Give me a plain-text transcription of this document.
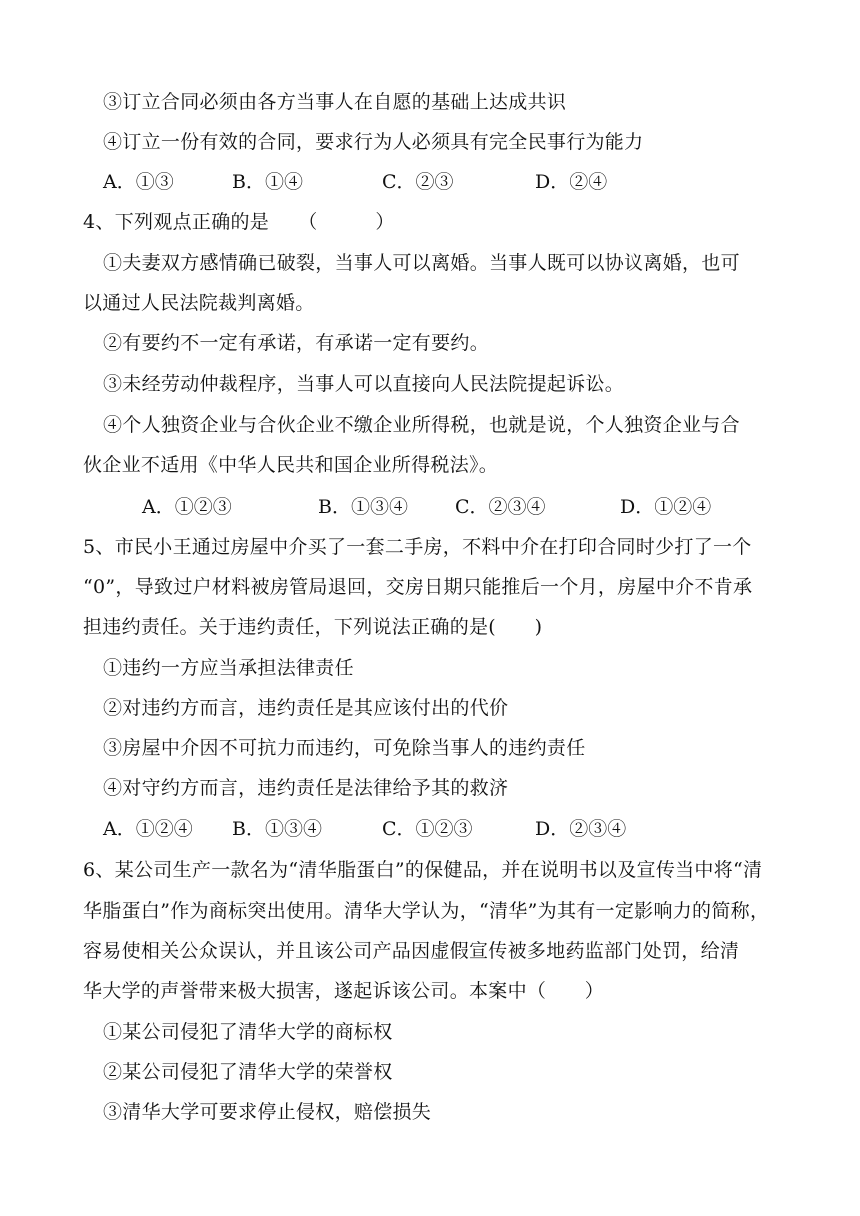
③订立合同必须由各方当事人在自愿的基础上达成共识
④订立一份有效的合同，要求行为人必须具有完全民事行为能力
A．①③	B．①④	C．②③	D．②④
4、下列观点正确的是　　（　　　）
①夫妻双方感情确已破裂，当事人可以离婚。当事人既可以协议离婚，也可
以通过人民法院裁判离婚。
②有要约不一定有承诺，有承诺一定有要约。
③未经劳动仲裁程序，当事人可以直接向人民法院提起诉讼。
④个人独资企业与合伙企业不缴企业所得税，也就是说，个人独资企业与合
伙企业不适用《中华人民共和国企业所得税法》。
A．①②③	B．①③④ C．②③④	D．①②④
5、市民小王通过房屋中介买了一套二手房，不料中介在打印合同时少打了一个
“0”，导致过户材料被房管局退回，交房日期只能推后一个月，房屋中介不肯承
担违约责任。关于违约责任，下列说法正确的是(　　)
①违约一方应当承担法律责任
②对违约方而言，违约责任是其应该付出的代价
③房屋中介因不可抗力而违约，可免除当事人的违约责任
④对守约方而言，违约责任是法律给予其的救济
A．①②④ B．①③④	C．①②③	D．②③④
6、某公司生产一款名为“清华脂蛋白”的保健品，并在说明书以及宣传当中将“清
华脂蛋白”作为商标突出使用。清华大学认为，“清华”为其有一定影响力的简称，
容易使相关公众误认，并且该公司产品因虚假宣传被多地药监部门处罚，给清
华大学的声誉带来极大损害，遂起诉该公司。本案中（　　）
①某公司侵犯了清华大学的商标权
②某公司侵犯了清华大学的荣誉权
③清华大学可要求停止侵权，赔偿损失
